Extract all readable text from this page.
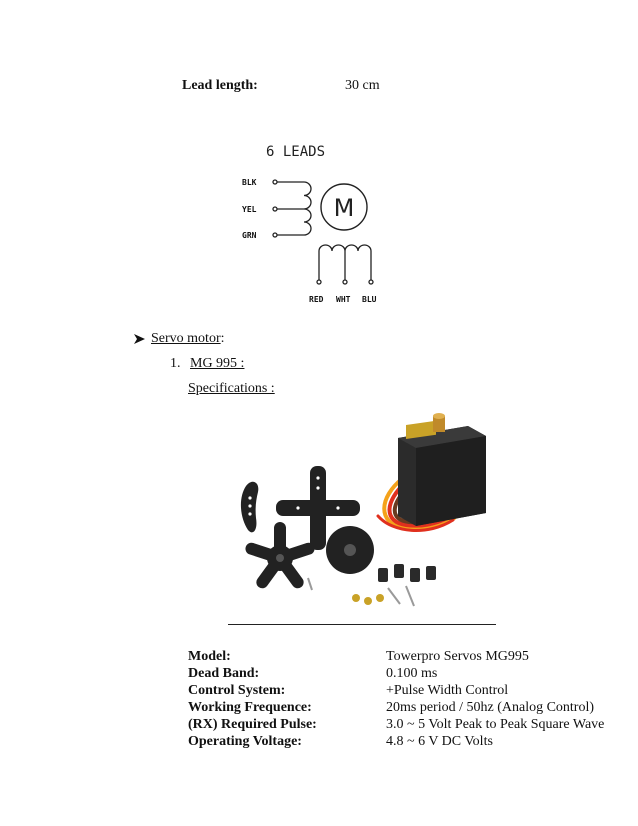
Lead length:	30 cm
6 LEADS
BLK
YEL
GRN
M
RED WHT BLU
Servo motor :
1. MG 995 :
Specifications :
Model:	Towerpro Servos MG995
Dead Band:	0.100 ms
Control System:	+Pulse Width Control
Working Frequence:	20ms period / 50hz (Analog Control)
(RX) Required Pulse:	3.0 ~ 5 Volt Peak to Peak Square Wave
Operating Voltage:	4.8 ~ 6 V DC Volts
